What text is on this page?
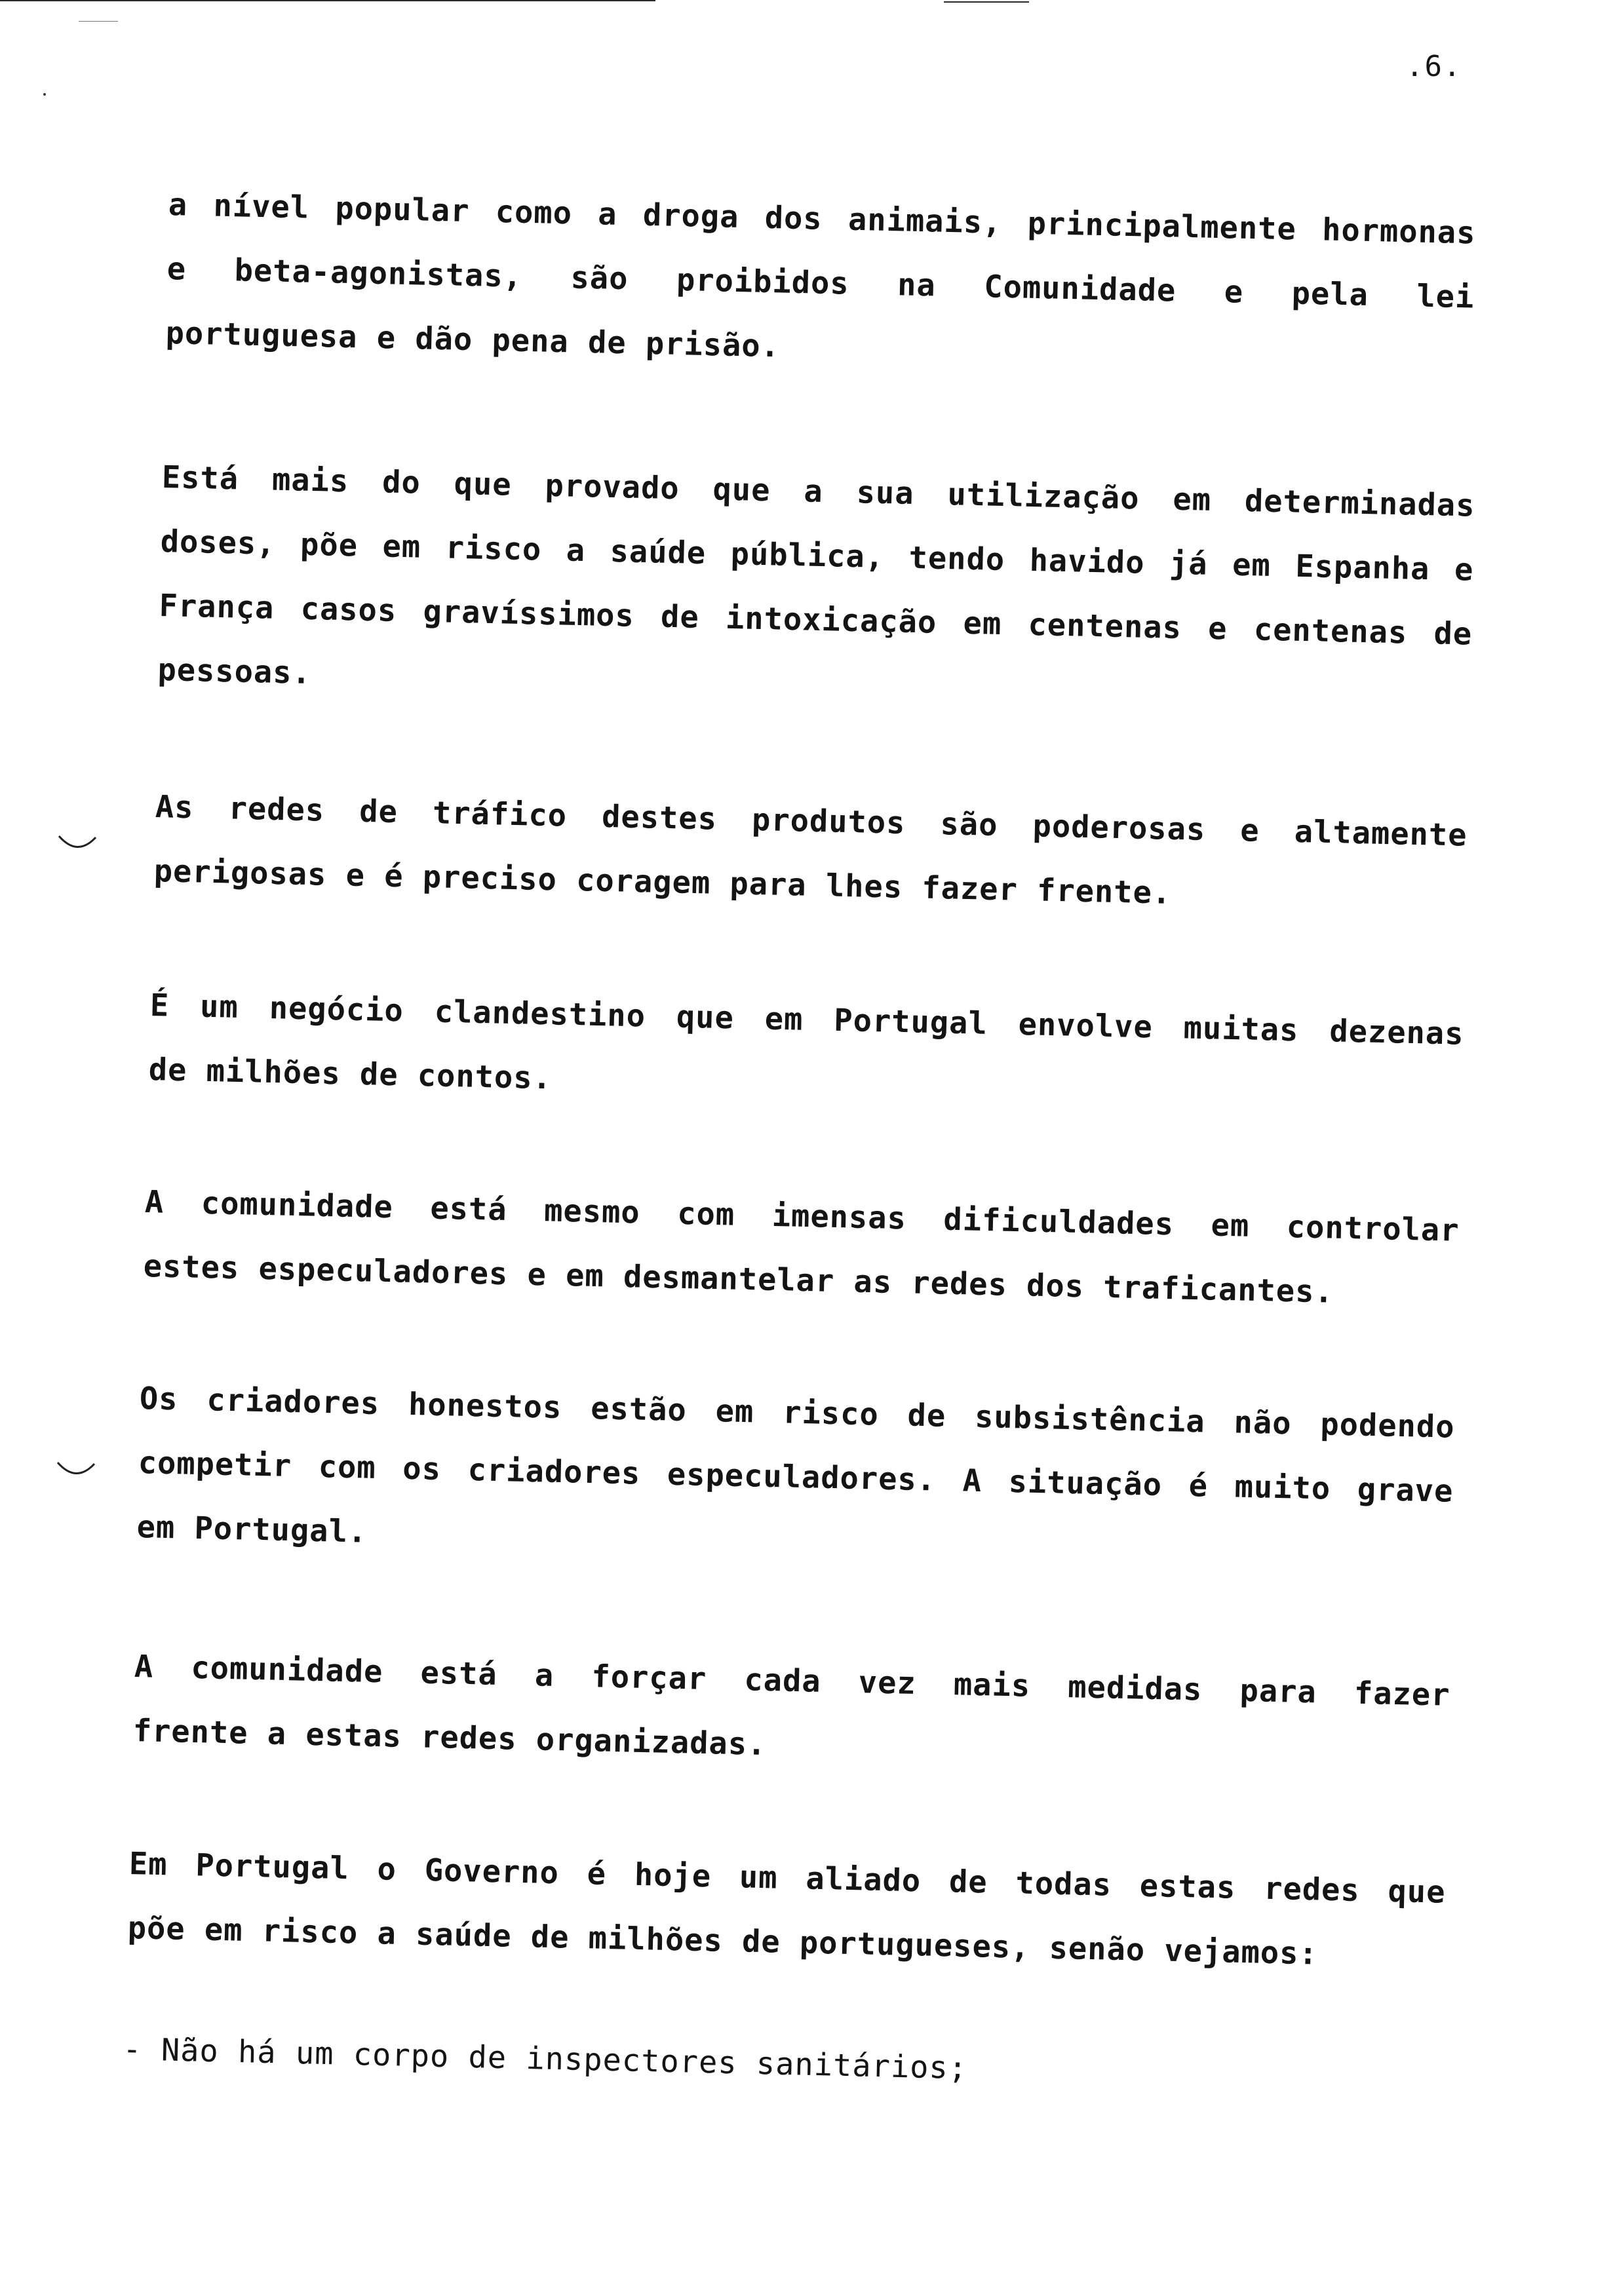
.6.
a nível popular como a droga dos animais, principalmente hormonas
e beta-agonistas, são proibidos na Comunidade e pela lei
portuguesa e dão pena de prisão.
Está mais do que provado que a sua utilização em determinadas
doses, põe em risco a saúde pública, tendo havido já em Espanha e
França casos gravíssimos de intoxicação em centenas e centenas de
pessoas.
As redes de tráfico destes produtos são poderosas e altamente
perigosas e é preciso coragem para lhes fazer frente.
É um negócio clandestino que em Portugal envolve muitas dezenas
de milhões de contos.
A comunidade está mesmo com imensas dificuldades em controlar
estes especuladores e em desmantelar as redes dos traficantes.
Os criadores honestos estão em risco de subsistência não podendo
competir com os criadores especuladores. A situação é muito grave
em Portugal.
A comunidade está a forçar cada vez mais medidas para fazer
frente a estas redes organizadas.
Em Portugal o Governo é hoje um aliado de todas estas redes que
põe em risco a saúde de milhões de portugueses, senão vejamos:
- Não há um corpo de inspectores sanitários;
